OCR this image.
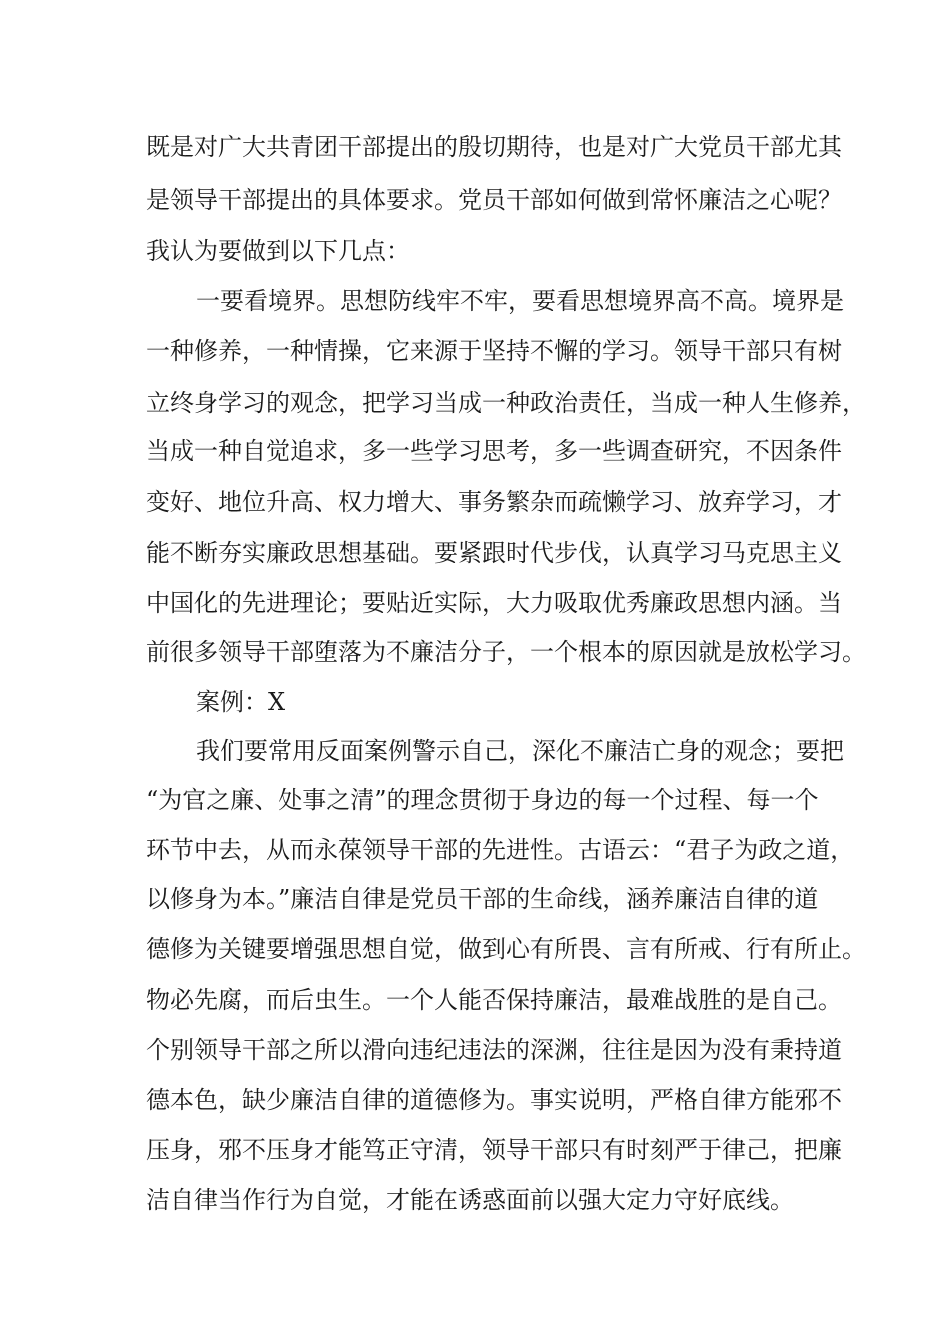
既是对广大共青团干部提出的殷切期待，也是对广大党员干部尤其
是领导干部提出的具体要求。党员干部如何做到常怀廉洁之心呢？
我认为要做到以下几点：
一要看境界。思想防线牢不牢，要看思想境界高不高。境界是
一种修养，一种情操，它来源于坚持不懈的学习。领导干部只有树
立终身学习的观念，把学习当成一种政治责任，当成一种人生修养，
当成一种自觉追求，多一些学习思考，多一些调查研究，不因条件
变好、地位升高、权力增大、事务繁杂而疏懒学习、放弃学习，才
能不断夯实廉政思想基础。要紧跟时代步伐，认真学习马克思主义
中国化的先进理论；要贴近实际，大力吸取优秀廉政思想内涵。当
前很多领导干部堕落为不廉洁分子，一个根本的原因就是放松学习。
案例：X
我们要常用反面案例警示自己，深化不廉洁亡身的观念；要把
“为官之廉、处事之清”的理念贯彻于身边的每一个过程、每一个
环节中去，从而永葆领导干部的先进性。古语云：“君子为政之道，
以修身为本。”廉洁自律是党员干部的生命线，涵养廉洁自律的道
德修为关键要增强思想自觉，做到心有所畏、言有所戒、行有所止。
物必先腐，而后虫生。一个人能否保持廉洁，最难战胜的是自己。
个别领导干部之所以滑向违纪违法的深渊，往往是因为没有秉持道
德本色，缺少廉洁自律的道德修为。事实说明，严格自律方能邪不
压身，邪不压身才能笃正守清，领导干部只有时刻严于律己，把廉
洁自律当作行为自觉，才能在诱惑面前以强大定力守好底线。
